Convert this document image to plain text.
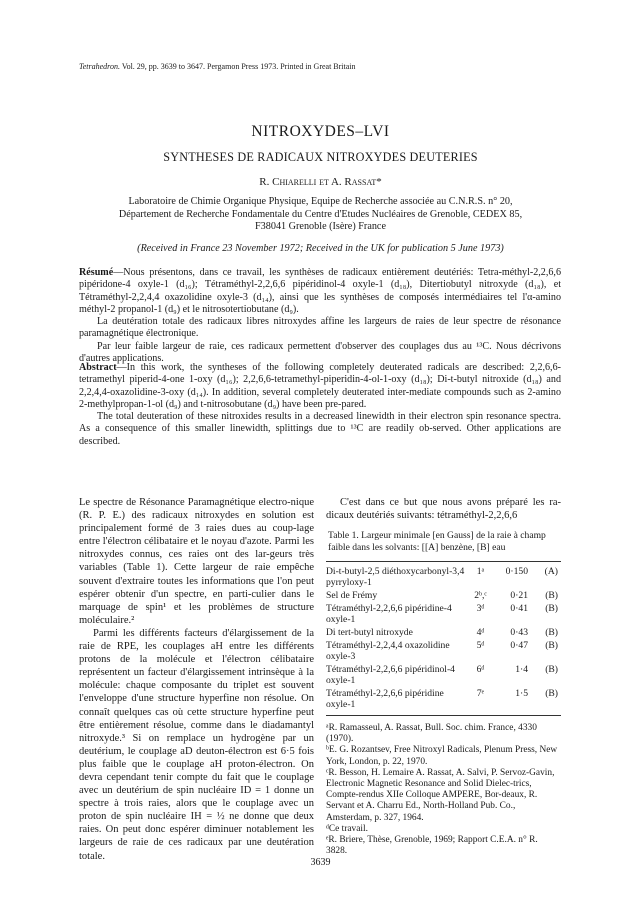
Tetrahedron. Vol. 29, pp. 3639 to 3647. Pergamon Press 1973. Printed in Great Britain
NITROXYDES–LVI
SYNTHESES DE RADICAUX NITROXYDES DEUTERIES
R. Chiarelli et A. Rassat*
Laboratoire de Chimie Organique Physique, Equipe de Recherche associée au C.N.R.S. n° 20,
Département de Recherche Fondamentale du Centre d'Etudes Nucléaires de Grenoble, CEDEX 85,
F38041 Grenoble (Isère) France
(Received in France 23 November 1972; Received in the UK for publication 5 June 1973)

Résumé—Nous présentons, dans ce travail, les synthèses de radicaux entièrement deutériés: Tetra-méthyl-2,2,6,6 pipéridone-4 oxyle-1 (d₁₆); Tétraméthyl-2,2,6,6 pipéridinol-4 oxyle-1 (d₁₈), Ditertiobutyl nitroxyde (d₁₈), et Tétraméthyl-2,2,4,4 oxazolidine oxyle-3 (d₁₄), ainsi que les synthèses de composés intermédiaires tel l'α-amino méthyl-2 propanol-1 (d₉) et le nitrosotertiobutane (d₉).

La deutération totale des radicaux libres nitroxydes affine les largeurs de raies de leur spectre de résonance paramagnétique électronique.

Par leur faible largeur de raie, ces radicaux permettent d'observer des couplages dus au ¹³C. Nous décrivons d'autres applications.

Abstract—In this work, the syntheses of the following completely deuterated radicals are described: 2,2,6,6-tetramethyl piperid-4-one 1-oxy (d₁₆); 2,2,6,6-tetramethyl-piperidin-4-ol-1-oxy (d₁₈); Di-t-butyl nitroxide (d₁₈) and 2,2,4,4-oxazolidine-3-oxy (d₁₄). In addition, several completely deuterated inter-mediate compounds such as 2-amino 2-methylpropan-1-ol (d₉) and t-nitrosobutane (d₉) have been pre-pared.

The total deuteration of these nitroxides results in a decreased linewidth in their electron spin resonance spectra. As a consequence of this smaller linewidth, splittings due to ¹³C are readily ob-served. Other applications are described.

Le spectre de Résonance Paramagnétique electro-nique (R. P. E.) des radicaux nitroxydes en solution est principalement formé de 3 raies dues au coup-lage entre l'électron célibataire et le noyau d'azote. Parmi les nitroxydes connus, ces raies ont des lar-geurs très variables (Table 1). Cette largeur de raie empêche souvent d'extraire toutes les informations que l'on peut espérer obtenir d'un spectre, en parti-culier dans le marquage de spin¹ et les problèmes de structure moléculaire.²

Parmi les différents facteurs d'élargissement de la raie de RPE, les couplages aH entre les différents protons de la molécule et l'électron célibataire représentent un facteur d'élargissement intrinsèque à la molécule: chaque composante du triplet est souvent l'enveloppe d'une structure hyperfine non résolue. On connaît quelques cas où cette structure hyperfine peut être entièrement résolue, comme dans le diadamantyl nitroxyde.³ Si on remplace un hydrogène par un deutérium, le couplage aD deuton-électron est 6·5 fois plus faible que le couplage aH proton-électron. On devra cependant tenir compte du fait que le couplage avec un deutérium de spin nucléaire ID = 1 donne un spectre à trois raies, alors que le couplage avec un proton de spin nucléaire IH = ½ ne donne que deux raies. On peut donc espérer diminuer notablement les largeurs de raie de ces radicaux par une deutération totale.

C'est dans ce but que nous avons préparé les ra-dicaux deutériés suivants: tétraméthyl-2,2,6,6

Table 1. Largeur minimale [en Gauss] de la raie à champ faible dans les solvants: [[A] benzène, [B] eau
Di-t-butyl-2,5 diéthoxycarbonyl-3,4 pyrryloxy-1
1ᵃ	0·150	(A)
Sel de Frémy	2ᵇ,ᶜ	0·21	(B)
Tétraméthyl-2,2,6,6 pipéridine-4 oxyle-1
3ᵈ	0·41	(B)
Di tert-butyl nitroxyde	4ᵈ	0·43	(B)
Tétraméthyl-2,2,4,4 oxazolidine oxyle-3
5ᵈ	0·47	(B)
Tétraméthyl-2,2,6,6 pipéridinol-4 oxyle-1
6ᵈ	1·4	(B)
Tétraméthyl-2,2,6,6 pipéridine oxyle-1
7ᵉ	1·5	(B)
ᵃR. Ramasseul, A. Rassat, Bull. Soc. chim. France, 4330 (1970).
ᵇE. G. Rozantsev, Free Nitroxyl Radicals, Plenum Press, New York, London, p. 22, 1970.
ᶜR. Besson, H. Lemaire A. Rassat, A. Salvi, P. Servoz-Gavin, Electronic Magnetic Resonance and Solid Dielec-trics, Compte-rendus XIIe Colloque AMPERE, Bor-deaux, R. Servant et A. Charru Ed., North-Holland Pub. Co., Amsterdam, p. 327, 1964.
ᵈCe travail.
ᵉR. Briere, Thèse, Grenoble, 1969; Rapport C.E.A. n° R. 3828.
3639
